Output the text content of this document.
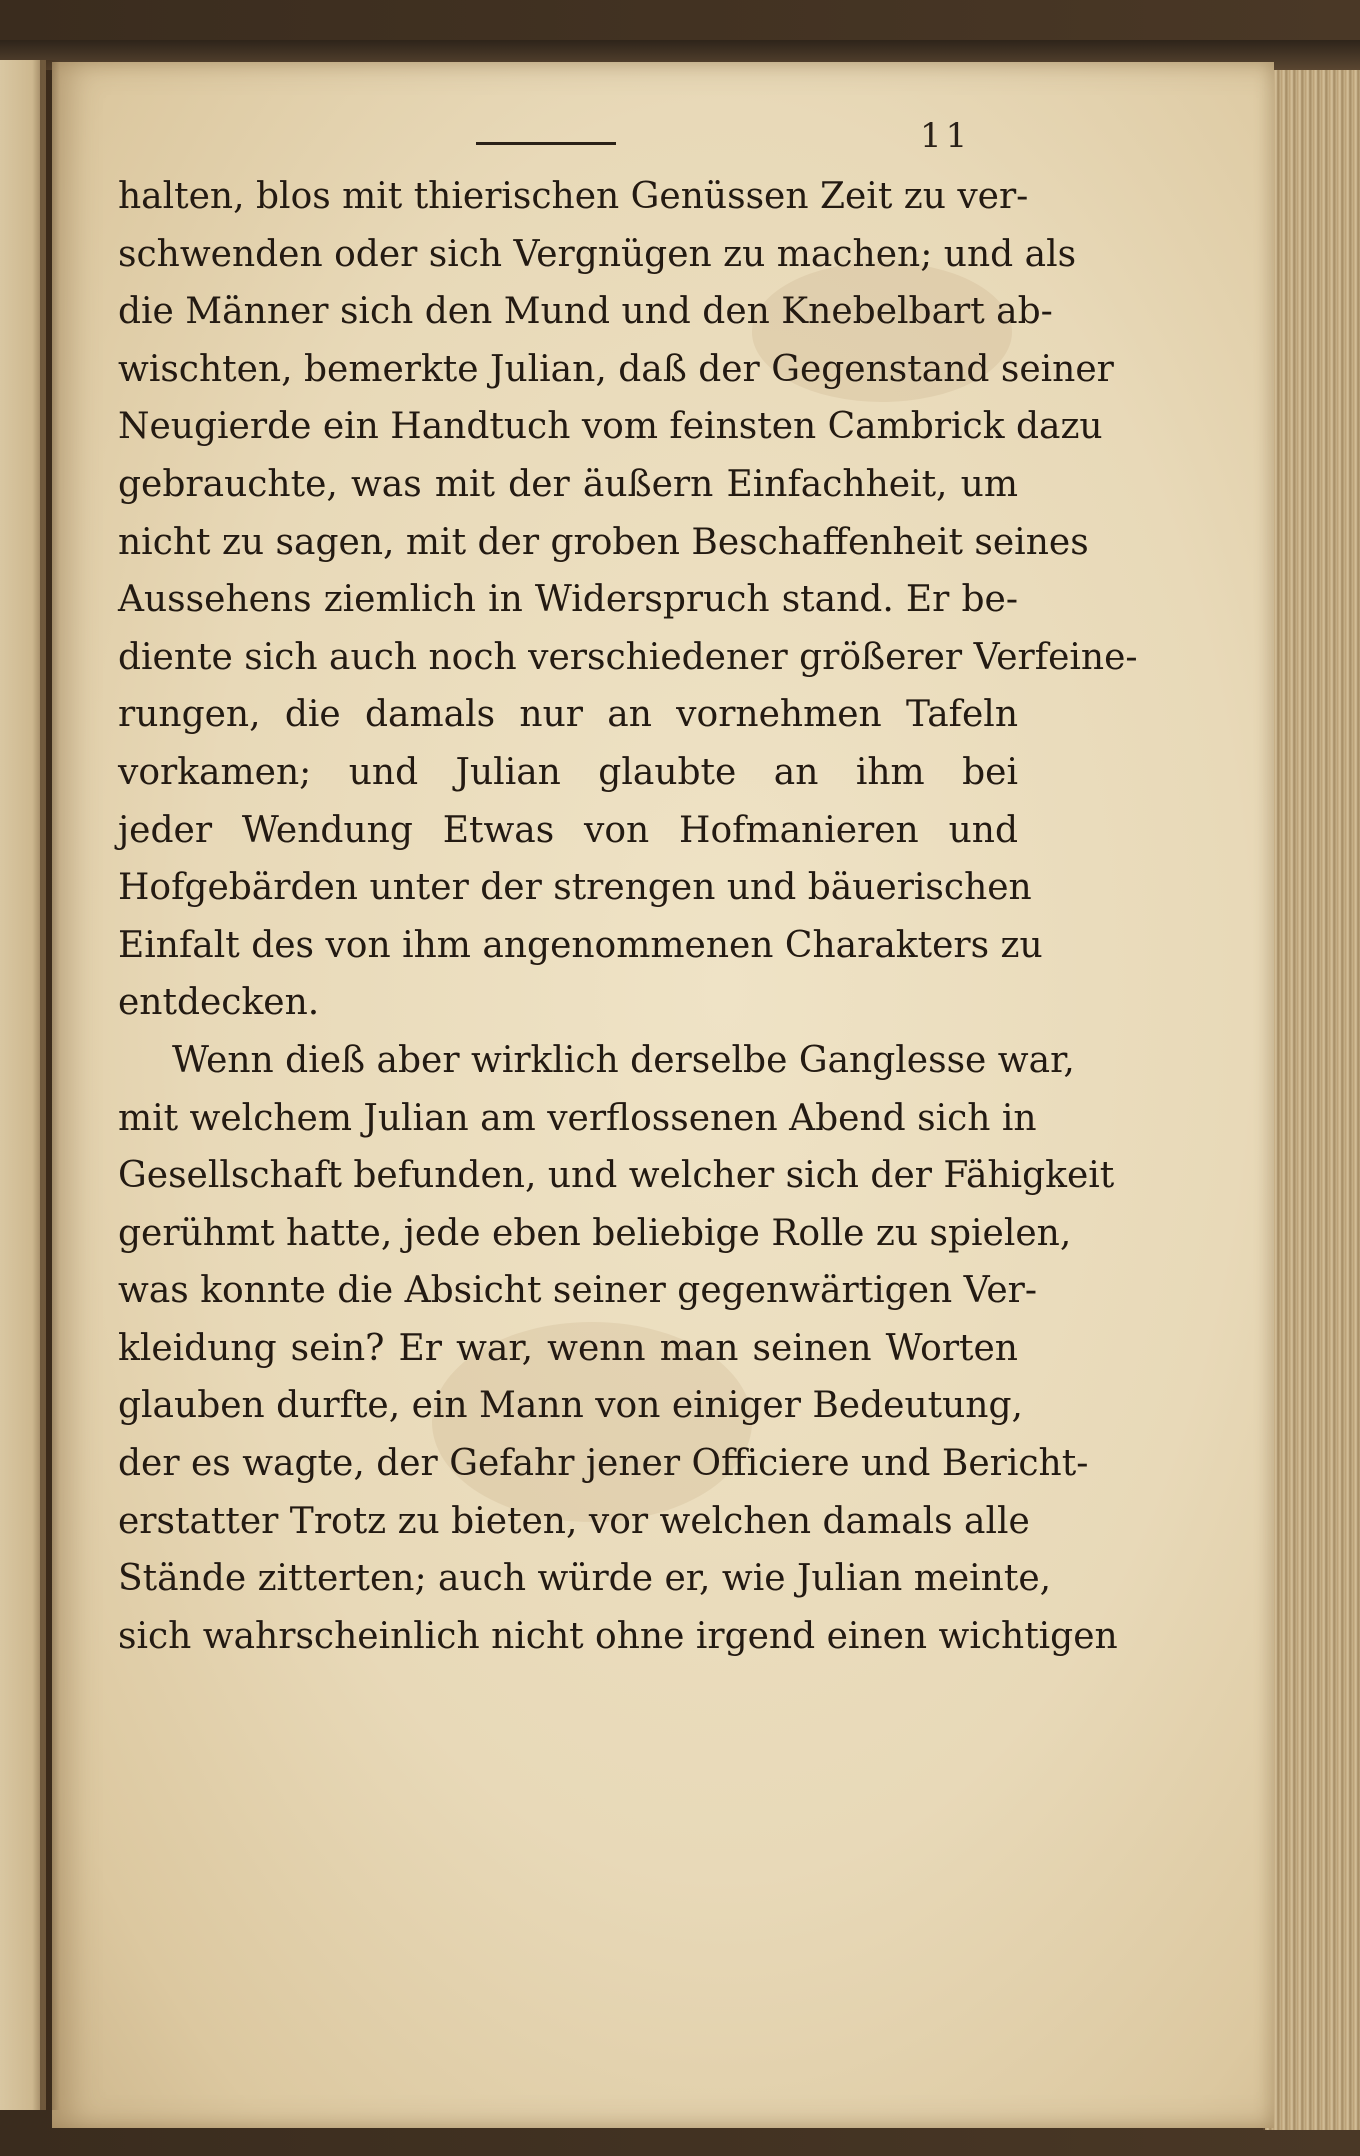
11
halten, blos mit thierischen Genüssen Zeit zu ver-
schwenden oder sich Vergnügen zu machen; und als
die Männer sich den Mund und den Knebelbart ab-
wischten, bemerkte Julian, daß der Gegenstand seiner
Neugierde ein Handtuch vom feinsten Cambrick dazu
gebrauchte, was mit der äußern Einfachheit, um
nicht zu sagen, mit der groben Beschaffenheit seines
Aussehens ziemlich in Widerspruch stand. Er be-
diente sich auch noch verschiedener größerer Verfeine-
rungen, die damals nur an vornehmen Tafeln
vorkamen; und Julian glaubte an ihm bei
jeder Wendung Etwas von Hofmanieren und
Hofgebärden unter der strengen und bäuerischen
Einfalt des von ihm angenommenen Charakters zu
entdecken.
Wenn dieß aber wirklich derselbe Ganglesse war,
mit welchem Julian am verflossenen Abend sich in
Gesellschaft befunden, und welcher sich der Fähigkeit
gerühmt hatte, jede eben beliebige Rolle zu spielen,
was konnte die Absicht seiner gegenwärtigen Ver-
kleidung sein? Er war, wenn man seinen Worten
glauben durfte, ein Mann von einiger Bedeutung,
der es wagte, der Gefahr jener Officiere und Bericht-
erstatter Trotz zu bieten, vor welchen damals alle
Stände zitterten; auch würde er, wie Julian meinte,
sich wahrscheinlich nicht ohne irgend einen wichtigen
